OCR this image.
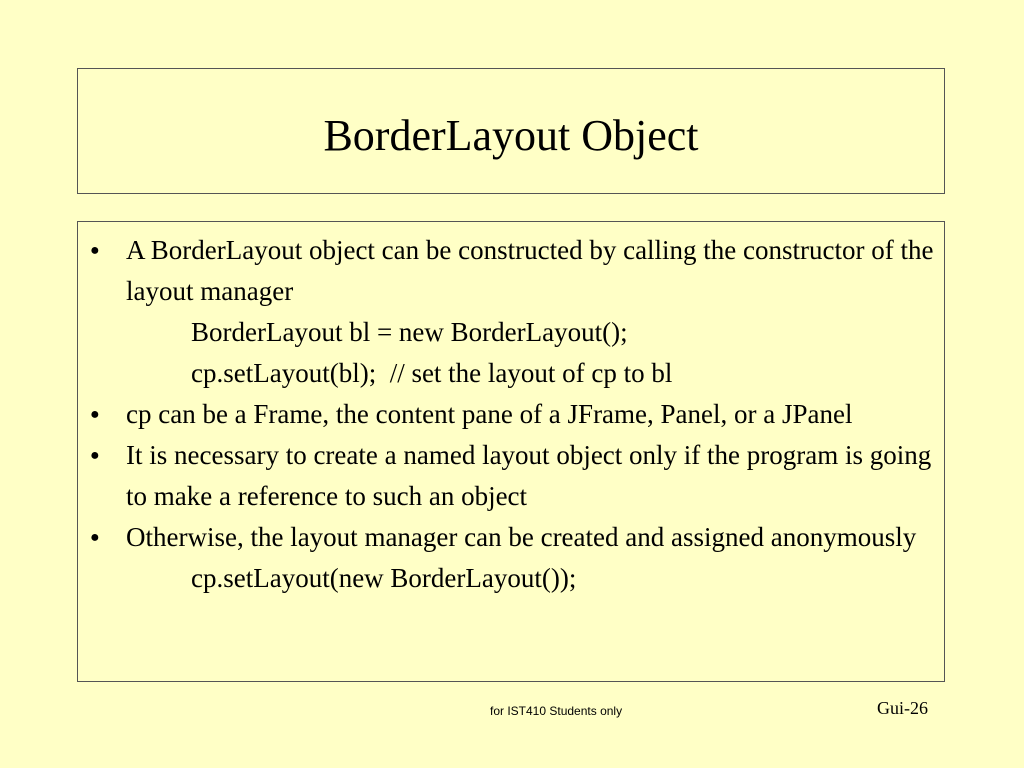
BorderLayout Object
● A BorderLayout object can be constructed by calling the constructor of the layout manager
BorderLayout bl = new BorderLayout();
cp.setLayout(bl);  // set the layout of cp to bl
● cp can be a Frame, the content pane of a JFrame, Panel, or a JPanel
● It is necessary to create a named layout object only if the program is going to make a reference to such an object
● Otherwise, the layout manager can be created and assigned anonymously
cp.setLayout(new BorderLayout());
for IST410 Students only	Gui-26
